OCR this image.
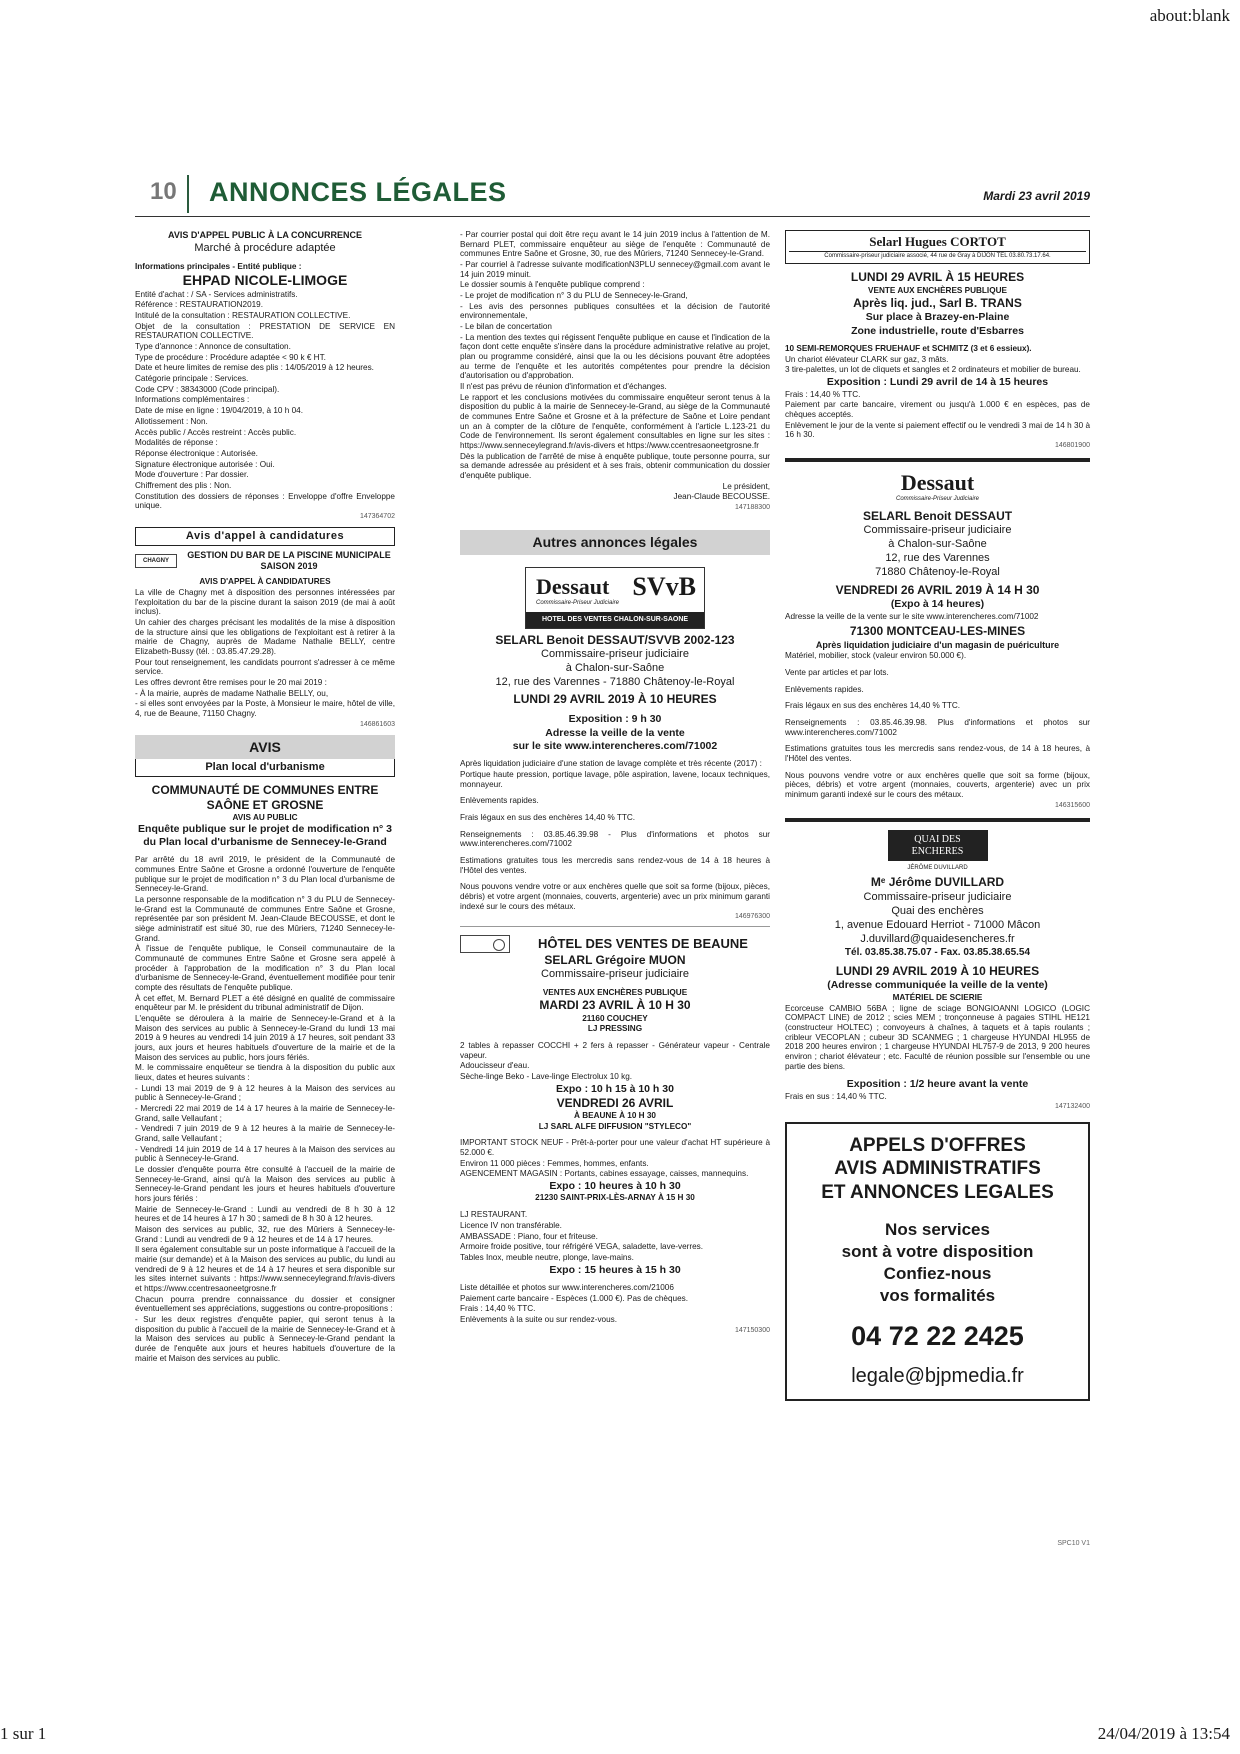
about:blank
10 ANNONCES LÉGALES	Mardi 23 avril 2019

AVIS D'APPEL PUBLIC À LA CONCURRENCE

Marché à procédure adaptée

Informations principales - Entité publique :

EHPAD NICOLE-LIMOGE

Entité d'achat : / SA - Services administratifs.

Référence : RESTAURATION2019.

Intitulé de la consultation : RESTAURATION COLLECTIVE.

Objet de la consultation : PRESTATION DE SERVICE EN RESTAURATION COLLECTIVE.

Type d'annonce : Annonce de consultation.

Type de procédure : Procédure adaptée < 90 k € HT.

Date et heure limites de remise des plis : 14/05/2019 à 12 heures.

Catégorie principale : Services.

Code CPV : 38343000 (Code principal).

Informations complémentaires :

Date de mise en ligne : 19/04/2019, à 10 h 04.

Allotissement : Non.

Accès public / Accès restreint : Accès public.

Modalités de réponse :

Réponse électronique : Autorisée.

Signature électronique autorisée : Oui.

Mode d'ouverture : Par dossier.

Chiffrement des plis : Non.

Constitution des dossiers de réponses : Enveloppe d'offre Enveloppe unique.

147364702

Avis d'appel à candidatures
CHAGNY
GESTION DU BAR DE LA PISCINE MUNICIPALE SAISON 2019

AVIS D'APPEL À CANDIDATURES

La ville de Chagny met à disposition des personnes intéressées par l'exploitation du bar de la piscine durant la saison 2019 (de mai à août inclus).

Un cahier des charges précisant les modalités de la mise à disposition de la structure ainsi que les obligations de l'exploitant est à retirer à la mairie de Chagny, auprès de Madame Nathalie BELLY, centre Elizabeth-Bussy (tél. : 03.85.47.29.28).

Pour tout renseignement, les candidats pourront s'adresser à ce même service.

Les offres devront être remises pour le 20 mai 2019 :

- À la mairie, auprès de madame Nathalie BELLY, ou,

- si elles sont envoyées par la Poste, à Monsieur le maire, hôtel de ville, 4, rue de Beaune, 71150 Chagny.

146861603

AVIS
Plan local d'urbanisme

COMMUNAUTÉ DE COMMUNES ENTRE SAÔNE ET GROSNE

AVIS AU PUBLIC

Enquête publique sur le projet de modification n° 3 du Plan local d'urbanisme de Sennecey-le-Grand

Par arrêté du 18 avril 2019, le président de la Communauté de communes Entre Saône et Grosne a ordonné l'ouverture de l'enquête publique sur le projet de modification n° 3 du Plan local d'urbanisme de Sennecey-le-Grand.

La personne responsable de la modification n° 3 du PLU de Sennecey-le-Grand est la Communauté de communes Entre Saône et Grosne, représentée par son président M. Jean-Claude BECOUSSE, et dont le siège administratif est situé 30, rue des Mûriers, 71240 Sennecey-le-Grand.

À l'issue de l'enquête publique, le Conseil communautaire de la Communauté de communes Entre Saône et Grosne sera appelé à procéder à l'approbation de la modification n° 3 du Plan local d'urbanisme de Sennecey-le-Grand, éventuellement modifiée pour tenir compte des résultats de l'enquête publique.

À cet effet, M. Bernard PLET a été désigné en qualité de commissaire enquêteur par M. le président du tribunal administratif de Dijon.

L'enquête se déroulera à la mairie de Sennecey-le-Grand et à la Maison des services au public à Sennecey-le-Grand du lundi 13 mai 2019 à 9 heures au vendredi 14 juin 2019 à 17 heures, soit pendant 33 jours, aux jours et heures habituels d'ouverture de la mairie et de la Maison des services au public, hors jours fériés.

M. le commissaire enquêteur se tiendra à la disposition du public aux lieux, dates et heures suivants :

- Lundi 13 mai 2019 de 9 à 12 heures à la Maison des services au public à Sennecey-le-Grand ;

- Mercredi 22 mai 2019 de 14 à 17 heures à la mairie de Sennecey-le-Grand, salle Vellaufant ;

- Vendredi 7 juin 2019 de 9 à 12 heures à la mairie de Sennecey-le-Grand, salle Vellaufant ;

- Vendredi 14 juin 2019 de 14 à 17 heures à la Maison des services au public à Sennecey-le-Grand.

Le dossier d'enquête pourra être consulté à l'accueil de la mairie de Sennecey-le-Grand, ainsi qu'à la Maison des services au public à Sennecey-le-Grand pendant les jours et heures habituels d'ouverture hors jours fériés :

Mairie de Sennecey-le-Grand : Lundi au vendredi de 8 h 30 à 12 heures et de 14 heures à 17 h 30 ; samedi de 8 h 30 à 12 heures.

Maison des services au public, 32, rue des Mûriers à Sennecey-le-Grand : Lundi au vendredi de 9 à 12 heures et de 14 à 17 heures.

Il sera également consultable sur un poste informatique à l'accueil de la mairie (sur demande) et à la Maison des services au public, du lundi au vendredi de 9 à 12 heures et de 14 à 17 heures et sera disponible sur les sites internet suivants : https://www.senneceylegrand.fr/avis-divers et https://www.ccentresaoneetgrosne.fr

Chacun pourra prendre connaissance du dossier et consigner éventuellement ses appréciations, suggestions ou contre-propositions :

- Sur les deux registres d'enquête papier, qui seront tenus à la disposition du public à l'accueil de la mairie de Sennecey-le-Grand et à la Maison des services au public à Sennecey-le-Grand pendant la durée de l'enquête aux jours et heures habituels d'ouverture de la mairie et Maison des services au public.

- Par courrier postal qui doit être reçu avant le 14 juin 2019 inclus à l'attention de M. Bernard PLET, commissaire enquêteur au siège de l'enquête : Communauté de communes Entre Saône et Grosne, 30, rue des Mûriers, 71240 Sennecey-le-Grand.

- Par courriel à l'adresse suivante modificationN3PLU sennecey@gmail.com avant le 14 juin 2019 minuit.

Le dossier soumis à l'enquête publique comprend :

- Le projet de modification n° 3 du PLU de Sennecey-le-Grand,

- Les avis des personnes publiques consultées et la décision de l'autorité environnementale,

- Le bilan de concertation

- La mention des textes qui régissent l'enquête publique en cause et l'indication de la façon dont cette enquête s'insère dans la procédure administrative relative au projet, plan ou programme considéré, ainsi que la ou les décisions pouvant être adoptées au terme de l'enquête et les autorités compétentes pour prendre la décision d'autorisation ou d'approbation.

Il n'est pas prévu de réunion d'information et d'échanges.

Le rapport et les conclusions motivées du commissaire enquêteur seront tenus à la disposition du public à la mairie de Sennecey-le-Grand, au siège de la Communauté de communes Entre Saône et Grosne et à la préfecture de Saône et Loire pendant un an à compter de la clôture de l'enquête, conformément à l'article L.123-21 du Code de l'environnement. Ils seront également consultables en ligne sur les sites : https://www.senneceylegrand.fr/avis-divers et https://www.ccentresaoneetgrosne.fr

Dès la publication de l'arrêté de mise à enquête publique, toute personne pourra, sur sa demande adressée au président et à ses frais, obtenir communication du dossier d'enquête publique.

Le président,

Jean-Claude BECOUSSE.

147188300

Autres annonces légales
Dessaut
Commissaire-Priseur Judiciaire
SVvB
HOTEL DES VENTES CHALON-SUR-SAONE

SELARL Benoit DESSAUT/SVVB 2002-123

Commissaire-priseur judiciaire

à Chalon-sur-Saône

12, rue des Varennes - 71880 Châtenoy-le-Royal

LUNDI 29 AVRIL 2019 À 10 HEURES

Exposition : 9 h 30

Adresse la veille de la vente

sur le site www.interencheres.com/71002

Après liquidation judiciaire d'une station de lavage complète et très récente (2017) :

Portique haute pression, portique lavage, pôle aspiration, lavene, locaux techniques, monnayeur.

Enlèvements rapides.

Frais légaux en sus des enchères 14,40 % TTC.

Renseignements : 03.85.46.39.98 - Plus d'informations et photos sur www.interencheres.com/71002

Estimations gratuites tous les mercredis sans rendez-vous de 14 à 18 heures à l'Hôtel des ventes.

Nous pouvons vendre votre or aux enchères quelle que soit sa forme (bijoux, pièces, débris) et votre argent (monnaies, couverts, argenterie) avec un prix minimum garanti indexé sur le cours des métaux.

146976300

HÔTEL DES VENTES DE BEAUNE

SELARL Grégoire MUON

Commissaire-priseur judiciaire

VENTES AUX ENCHÈRES PUBLIQUE

MARDI 23 AVRIL À 10 H 30

21160 COUCHEY

LJ PRESSING

2 tables à repasser COCCHI + 2 fers à repasser - Générateur vapeur - Centrale vapeur.

Adoucisseur d'eau.

Sèche-linge Beko - Lave-linge Electrolux 10 kg.

Expo : 10 h 15 à 10 h 30

VENDREDI 26 AVRIL

À BEAUNE À 10 H 30

LJ SARL ALFE DIFFUSION "STYLECO"

IMPORTANT STOCK NEUF - Prêt-à-porter pour une valeur d'achat HT supérieure à 52.000 €.

Environ 11 000 pièces : Femmes, hommes, enfants.

AGENCEMENT MAGASIN : Portants, cabines essayage, caisses, mannequins.

Expo : 10 heures à 10 h 30

21230 SAINT-PRIX-LÈS-ARNAY À 15 H 30

LJ RESTAURANT.

Licence IV non transférable.

AMBASSADE : Piano, four et friteuse.

Armoire froide positive, tour réfrigéré VEGA, saladette, lave-verres.

Tables Inox, meuble neutre, plonge, lave-mains.

Expo : 15 heures à 15 h 30

Liste détaillée et photos sur www.interencheres.com/21006

Paiement carte bancaire - Espèces (1.000 €). Pas de chèques.

Frais : 14,40 % TTC.

Enlèvements à la suite ou sur rendez-vous.

147150300

Selarl Hugues CORTOT
Commissaire-priseur judiciaire associé, 44 rue de Gray à DIJON TEL 03.80.73.17.64.

LUNDI 29 AVRIL À 15 HEURES

VENTE AUX ENCHÈRES PUBLIQUE

Après liq. jud., Sarl B. TRANS

Sur place à Brazey-en-Plaine

Zone industrielle, route d'Esbarres

10 SEMI-REMORQUES FRUEHAUF et SCHMITZ (3 et 6 essieux).

Un chariot élévateur CLARK sur gaz, 3 mâts.

3 tire-palettes, un lot de cliquets et sangles et 2 ordinateurs et mobilier de bureau.

Exposition : Lundi 29 avril de 14 à 15 heures

Frais : 14,40 % TTC.

Paiement par carte bancaire, virement ou jusqu'à 1.000 € en espèces, pas de chèques acceptés.

Enlèvement le jour de la vente si paiement effectif ou le vendredi 3 mai de 14 h 30 à 16 h 30.

146801900

Dessaut
Commissaire-Priseur Judiciaire

SELARL Benoit DESSAUT

Commissaire-priseur judiciaire

à Chalon-sur-Saône

12, rue des Varennes

71880 Châtenoy-le-Royal

VENDREDI 26 AVRIL 2019 À 14 H 30

(Expo à 14 heures)

Adresse la veille de la vente sur le site www.interencheres.com/71002

71300 MONTCEAU-LES-MINES

Après liquidation judiciaire d'un magasin de puériculture

Matériel, mobilier, stock (valeur environ 50.000 €).

Vente par articles et par lots.

Enlèvements rapides.

Frais légaux en sus des enchères 14,40 % TTC.

Renseignements : 03.85.46.39.98. Plus d'informations et photos sur www.interencheres.com/71002

Estimations gratuites tous les mercredis sans rendez-vous, de 14 à 18 heures, à l'Hôtel des ventes.

Nous pouvons vendre votre or aux enchères quelle que soit sa forme (bijoux, pièces, débris) et votre argent (monnaies, couverts, argenterie) avec un prix minimum garanti indexé sur le cours des métaux.

146315600

QUAI DES ENCHERES
JÉRÔME DUVILLARD

Mᵉ Jérôme DUVILLARD

Commissaire-priseur judiciaire

Quai des enchères

1, avenue Edouard Herriot - 71000 Mâcon

J.duvillard@quaidesencheres.fr

Tél. 03.85.38.75.07 - Fax. 03.85.38.65.54

LUNDI 29 AVRIL 2019 À 10 HEURES

(Adresse communiquée la veille de la vente)

MATÉRIEL DE SCIERIE

Ecorceuse CAMBIO 56BA ; ligne de sciage BONGIOANNI LOGICO (LOGIC COMPACT LINE) de 2012 ; scies MEM ; tronçonneuse à pagaies STIHL HE121 (constructeur HOLTEC) ; convoyeurs à chaînes, à taquets et à tapis roulants ; cribleur VECOPLAN ; cubeur 3D SCANMEG ; 1 chargeuse HYUNDAI HL955 de 2018 200 heures environ ; 1 chargeuse HYUNDAI HL757-9 de 2013, 9 200 heures environ ; chariot élévateur ; etc. Faculté de réunion possible sur l'ensemble ou une partie des biens.

Exposition : 1/2 heure avant la vente

Frais en sus : 14,40 % TTC.

147132400

APPELS D'OFFRES
AVIS ADMINISTRATIFS
ET ANNONCES LEGALES
Nos services
sont à votre disposition
Confiez-nous
vos formalités
04 72 22 2425
legale@bjpmedia.fr
SPC10 V1
1 sur 1	24/04/2019 à 13:54
